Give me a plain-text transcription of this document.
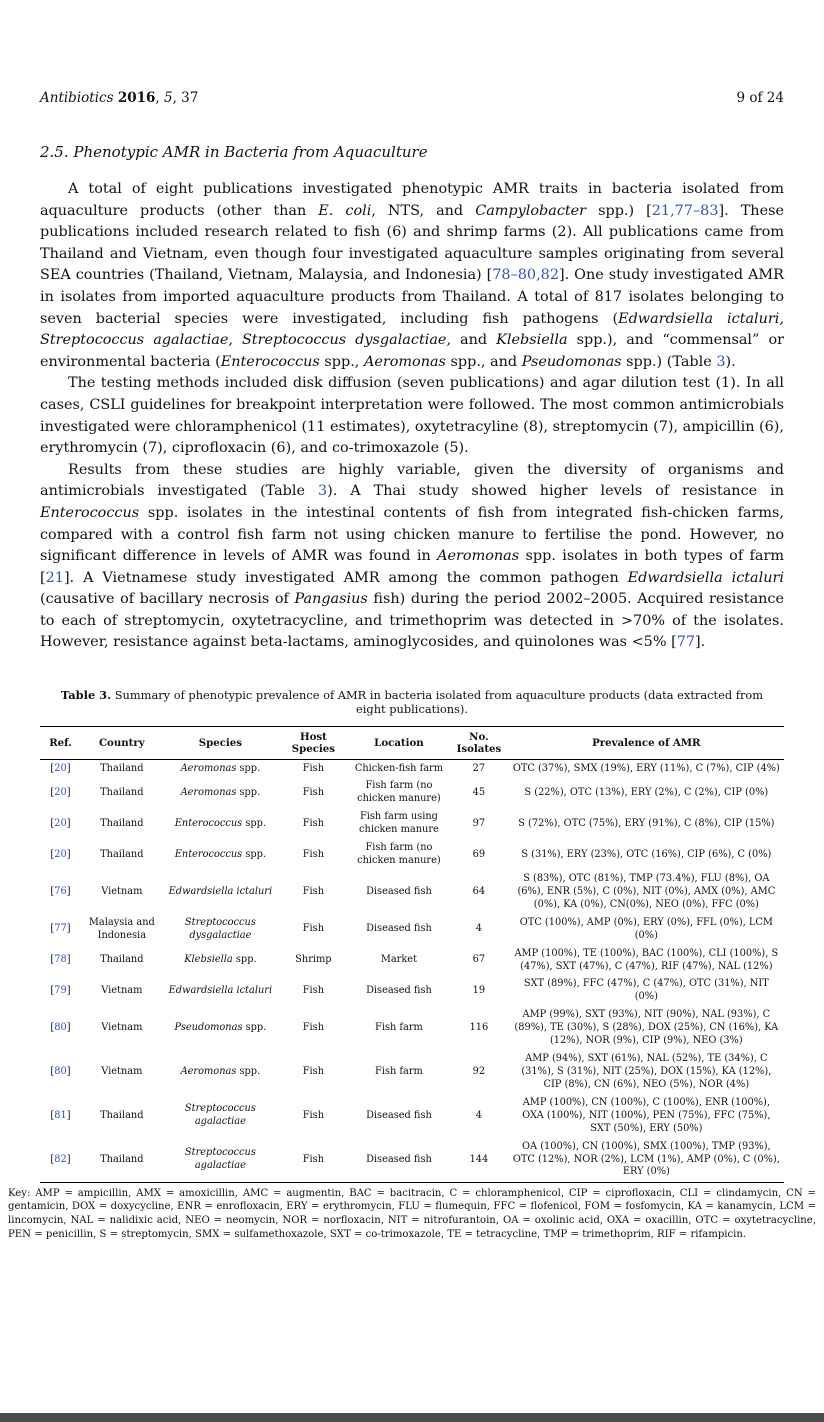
Antibiotics 2016, 5, 37	9 of 24
2.5. Phenotypic AMR in Bacteria from Aquaculture

A total of eight publications investigated phenotypic AMR traits in bacteria isolated from aquaculture products (other than E. coli, NTS, and Campylobacter spp.) [21,77–83]. These publications included research related to fish (6) and shrimp farms (2). All publications came from Thailand and Vietnam, even though four investigated aquaculture samples originating from several SEA countries (Thailand, Vietnam, Malaysia, and Indonesia) [78–80,82]. One study investigated AMR in isolates from imported aquaculture products from Thailand. A total of 817 isolates belonging to seven bacterial species were investigated, including fish pathogens (Edwardsiella ictaluri, Streptococcus agalactiae, Streptococcus dysgalactiae, and Klebsiella spp.), and “commensal” or environmental bacteria (Enterococcus spp., Aeromonas spp., and Pseudomonas spp.) (Table 3).

The testing methods included disk diffusion (seven publications) and agar dilution test (1). In all cases, CSLI guidelines for breakpoint interpretation were followed. The most common antimicrobials investigated were chloramphenicol (11 estimates), oxytetracyline (8), streptomycin (7), ampicillin (6), erythromycin (7), ciprofloxacin (6), and co-trimoxazole (5).

Results from these studies are highly variable, given the diversity of organisms and antimicrobials investigated (Table 3). A Thai study showed higher levels of resistance in Enterococcus spp. isolates in the intestinal contents of fish from integrated fish-chicken farms, compared with a control fish farm not using chicken manure to fertilise the pond. However, no significant difference in levels of AMR was found in Aeromonas spp. isolates in both types of farm [21]. A Vietnamese study investigated AMR among the common pathogen Edwardsiella ictaluri (causative of bacillary necrosis of Pangasius fish) during the period 2002–2005. Acquired resistance to each of streptomycin, oxytetracycline, and trimethoprim was detected in >70% of the isolates. However, resistance against beta-lactams, aminoglycosides, and quinolones was <5% [77].

Table 3. Summary of phenotypic prevalence of AMR in bacteria isolated from aquaculture products (data extracted from eight publications).

Ref.	Country	Species	Host Species	Location	No. Isolates	Prevalence of AMR
[20]	Thailand	Aeromonas spp.	Fish	Chicken-fish farm	27	OTC (37%), SMX (19%), ERY (11%), C (7%), CIP (4%)
[20]	Thailand	Aeromonas spp.	Fish	Fish farm (no chicken manure)	45	S (22%), OTC (13%), ERY (2%), C (2%), CIP (0%)
[20]	Thailand	Enterococcus spp.	Fish	Fish farm using chicken manure	97	S (72%), OTC (75%), ERY (91%), C (8%), CIP (15%)
[20]	Thailand	Enterococcus spp.	Fish	Fish farm (no chicken manure)	69	S (31%), ERY (23%), OTC (16%), CIP (6%), C (0%)
[76]	Vietnam	Edwardsiella ictaluri	Fish	Diseased fish	64	S (83%), OTC (81%), TMP (73.4%), FLU (8%), OA (6%), ENR (5%), C (0%), NIT (0%), AMX (0%), AMC (0%), KA (0%), CN(0%), NEO (0%), FFC (0%)
[77]	Malaysia and Indonesia	Streptococcus dysgalactiae	Fish	Diseased fish	4	OTC (100%), AMP (0%), ERY (0%), FFL (0%), LCM (0%)
[78]	Thailand	Klebsiella spp.	Shrimp	Market	67	AMP (100%), TE (100%), BAC (100%), CLI (100%), S (47%), SXT (47%), C (47%), RIF (47%), NAL (12%)
[79]	Vietnam	Edwardsiella ictaluri	Fish	Diseased fish	19	SXT (89%), FFC (47%), C (47%), OTC (31%), NIT (0%)
[80]	Vietnam	Pseudomonas spp.	Fish	Fish farm	116	AMP (99%), SXT (93%), NIT (90%), NAL (93%), C (89%), TE (30%), S (28%), DOX (25%), CN (16%), KA (12%), NOR (9%), CIP (9%), NEO (3%)
[80]	Vietnam	Aeromonas spp.	Fish	Fish farm	92	AMP (94%), SXT (61%), NAL (52%), TE (34%), C (31%), S (31%), NIT (25%), DOX (15%), KA (12%), CIP (8%), CN (6%), NEO (5%), NOR (4%)
[81]	Thailand	Streptococcus agalactiae	Fish	Diseased fish	4	AMP (100%), CN (100%), C (100%), ENR (100%), OXA (100%), NIT (100%), PEN (75%), FFC (75%), SXT (50%), ERY (50%)
[82]	Thailand	Streptococcus agalactiae	Fish	Diseased fish	144	OA (100%), CN (100%), SMX (100%), TMP (93%), OTC (12%), NOR (2%), LCM (1%), AMP (0%), C (0%), ERY (0%)

Key: AMP = ampicillin, AMX = amoxicillin, AMC = augmentin, BAC = bacitracin, C = chloramphenicol, CIP = ciprofloxacin, CLI = clindamycin, CN = gentamicin, DOX = doxycycline, ENR = enrofloxacin, ERY = erythromycin, FLU = flumequin, FFC = flofenicol, FOM = fosfomycin, KA = kanamycin, LCM = lincomycin, NAL = nalidixic acid, NEO = neomycin, NOR = norfloxacin, NIT = nitrofurantoin, OA = oxolinic acid, OXA = oxacillin, OTC = oxytetracycline, PEN = penicillin, S = streptomycin, SMX = sulfamethoxazole, SXT = co-trimoxazole, TE = tetracycline, TMP = trimethoprim, RIF = rifampicin.
